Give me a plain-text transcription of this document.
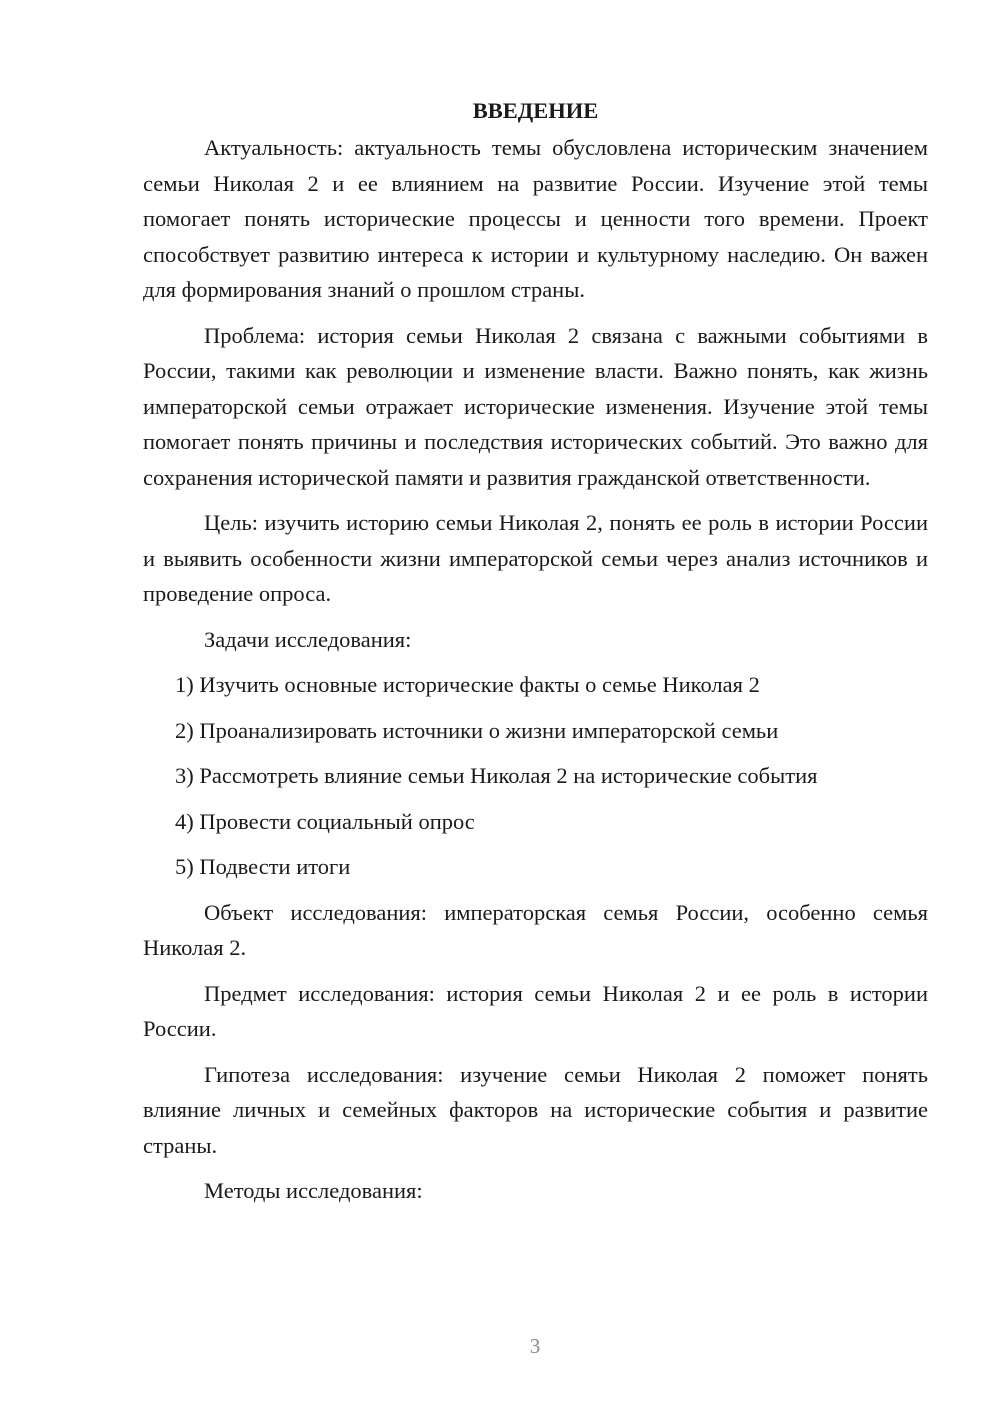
ВВЕДЕНИЕ

Актуальность: актуальность темы обусловлена историческим значением семьи Николая 2 и ее влиянием на развитие России. Изучение этой темы помогает понять исторические процессы и ценности того времени. Проект способствует развитию интереса к истории и культурному наследию. Он важен для формирования знаний о прошлом страны.

Проблема: история семьи Николая 2 связана с важными событиями в России, такими как революции и изменение власти. Важно понять, как жизнь императорской семьи отражает исторические изменения. Изучение этой темы помогает понять причины и последствия исторических событий. Это важно для сохранения исторической памяти и развития гражданской ответственности.

Цель: изучить историю семьи Николая 2, понять ее роль в истории России и выявить особенности жизни императорской семьи через анализ источников и проведение опроса.

Задачи исследования:

1) Изучить основные исторические факты о семье Николая 2
2) Проанализировать источники о жизни императорской семьи
3) Рассмотреть влияние семьи Николая 2 на исторические события
4) Провести социальный опрос
5) Подвести итоги

Объект исследования: императорская семья России, особенно семья Николая 2.

Предмет исследования: история семьи Николая 2 и ее роль в истории России.

Гипотеза исследования: изучение семьи Николая 2 поможет понять влияние личных и семейных факторов на исторические события и развитие страны.

Методы исследования:

3
